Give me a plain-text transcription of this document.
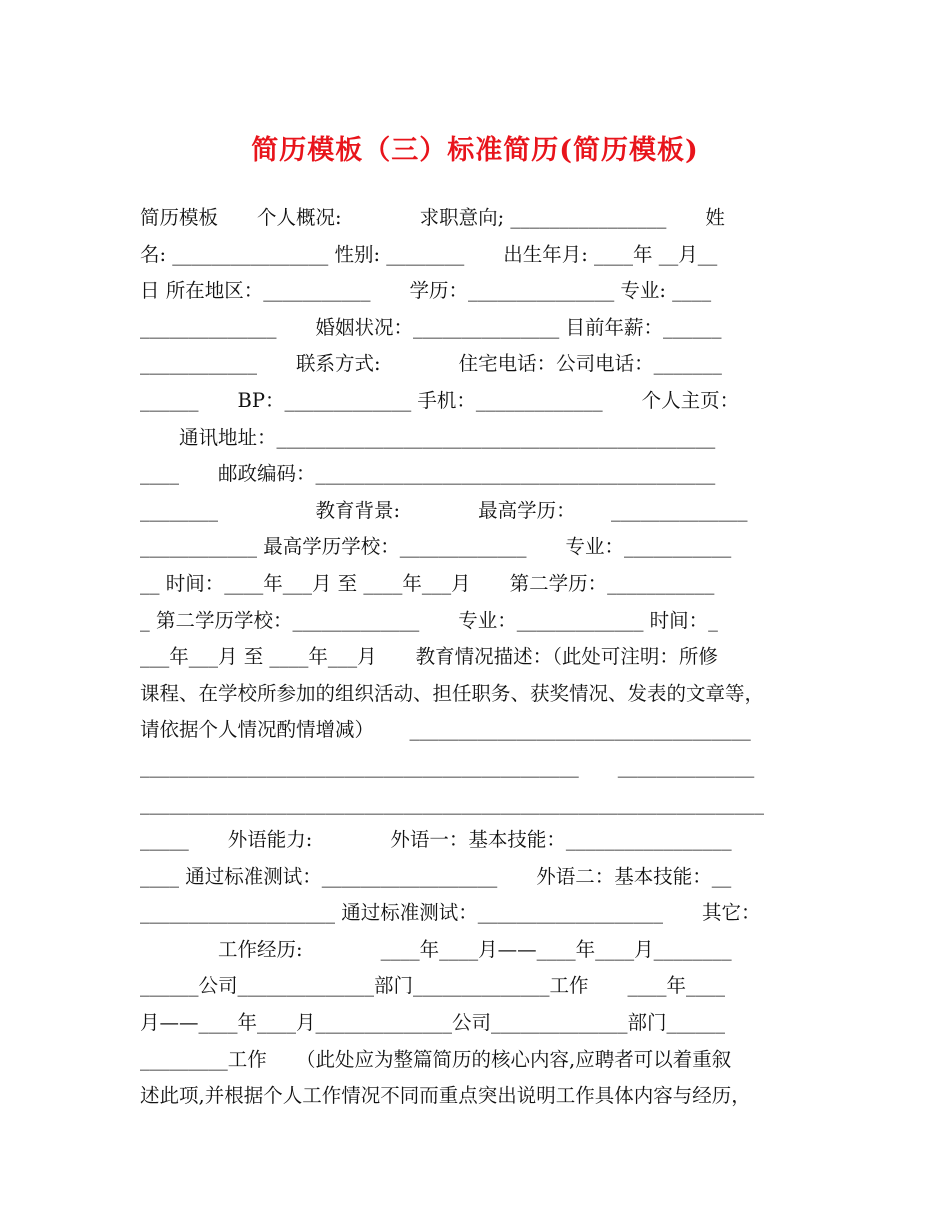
简历模板（三）标准简历(简历模板)
简历模板　　个人概况:　　　　求职意向; ________________　　姓
名: ________________ 性别: ________　　出生年月: ____年 __月__
日 所在地区：___________　　学历：_______________ 专业: ____
______________　　婚姻状况：_______________ 目前年薪：______
____________　　联系方式:　　　　住宅电话：公司电话：_______
______　　BP：_____________ 手机：_____________　　个人主页：
　　通讯地址：_____________________________________________
____　　邮政编码：_________________________________________
________　　　　　教育背景:　　　　最高学历：　　 ______________
____________ 最高学历学校：_____________　　专业：___________
__ 时间：____年___月 至 ____年___月　　第二学历：___________
_ 第二学历学校：_____________　　专业：_____________ 时间：_
___年___月 至 ____年___月　　教育情况描述：（此处可注明：所修
课程、在学校所参加的组织活动、担任职务、获奖情况、发表的文章等，
请依据个人情况酌情增减）　　 ___________________________________
_____________________________________________　　______________
________________________________________________________________
_____　　外语能力:　　　　外语一：基本技能：_________________
____ 通过标准测试：__________________　　外语二：基本技能：__
____________________ 通过标准测试：___________________　　其它：
　　　　工作经历:　　　　____年____月——____年____月________
______公司______________部门______________工作　　____年____
月——____年____月______________公司______________部门______
_________工作　　（此处应为整篇简历的核心内容,应聘者可以着重叙
述此项,并根据个人工作情况不同而重点突出说明工作具体内容与经历，
